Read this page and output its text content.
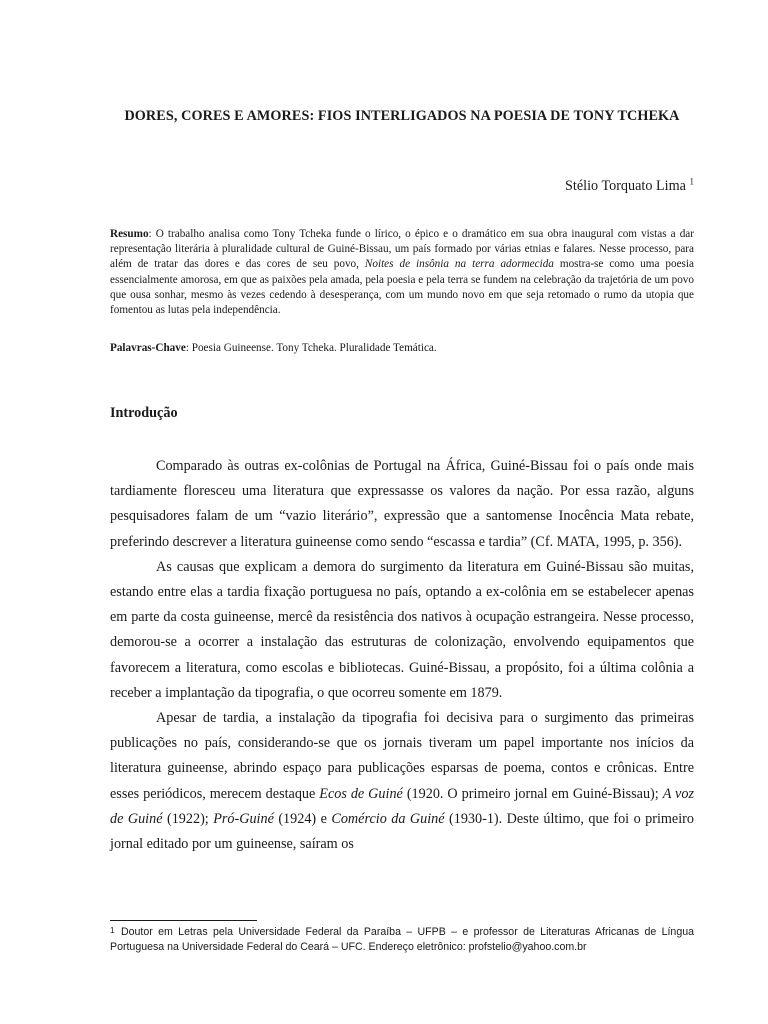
DORES, CORES E AMORES: FIOS INTERLIGADOS NA POESIA DE TONY TCHEKA
Stélio Torquato Lima $^1$

Resumo: O trabalho analisa como Tony Tcheka funde o lírico, o épico e o dramático em sua obra inaugural com vistas a dar representação literária à pluralidade cultural de Guiné-Bissau, um país formado por várias etnias e falares. Nesse processo, para além de tratar das dores e das cores de seu povo, Noites de insônia na terra adormecida mostra-se como uma poesia essencialmente amorosa, em que as paixões pela amada, pela poesia e pela terra se fundem na celebração da trajetória de um povo que ousa sonhar, mesmo às vezes cedendo à desesperança, com um mundo novo em que seja retomado o rumo da utopia que fomentou as lutas pela independência.

Palavras-Chave: Poesia Guineense. Tony Tcheka. Pluralidade Temática.

Introdução

Comparado às outras ex-colônias de Portugal na África, Guiné-Bissau foi o país onde mais tardiamente floresceu uma literatura que expressasse os valores da nação. Por essa razão, alguns pesquisadores falam de um “vazio literário”, expressão que a santomense Inocência Mata rebate, preferindo descrever a literatura guineense como sendo “escassa e tardia” (Cf. MATA, 1995, p. 356).

As causas que explicam a demora do surgimento da literatura em Guiné-Bissau são muitas, estando entre elas a tardia fixação portuguesa no país, optando a ex-colônia em se estabelecer apenas em parte da costa guineense, mercê da resistência dos nativos à ocupação estrangeira. Nesse processo, demorou-se a ocorrer a instalação das estruturas de colonização, envolvendo equipamentos que favorecem a literatura, como escolas e bibliotecas. Guiné-Bissau, a propósito, foi a última colônia a receber a implantação da tipografia, o que ocorreu somente em 1879.

Apesar de tardia, a instalação da tipografia foi decisiva para o surgimento das primeiras publicações no país, considerando-se que os jornais tiveram um papel importante nos inícios da literatura guineense, abrindo espaço para publicações esparsas de poema, contos e crônicas. Entre esses periódicos, merecem destaque Ecos de Guiné (1920. O primeiro jornal em Guiné-Bissau); A voz de Guiné (1922); Pró-Guiné (1924) e Comércio da Guiné (1930-1). Deste último, que foi o primeiro jornal editado por um guineense, saíram os

1 Doutor em Letras pela Universidade Federal da Paraíba – UFPB – e professor de Literaturas Africanas de Língua Portuguesa na Universidade Federal do Ceará – UFC. Endereço eletrônico: profstelio@yahoo.com.br
